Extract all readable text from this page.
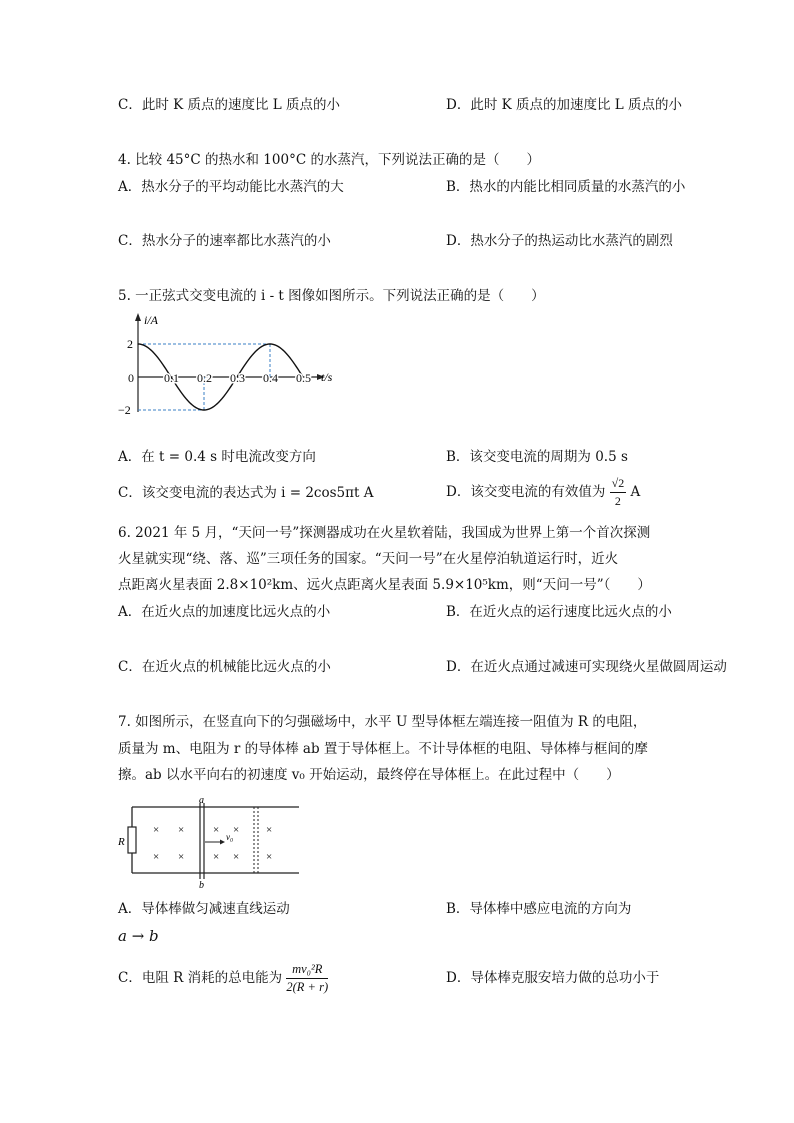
C．此时 K 质点的速度比 L 质点的小	D．此时 K 质点的加速度比 L 质点的小
4. 比较 45°C 的热水和 100°C 的水蒸汽，下列说法正确的是（　　）
A．热水分子的平均动能比水蒸汽的大	B．热水的内能比相同质量的水蒸汽的小
C．热水分子的速率都比水蒸汽的小	D．热水分子的热运动比水蒸汽的剧烈
5. 一正弦式交变电流的 i - t 图像如图所示。下列说法正确的是（　　）
i/A
t/s
0	0.1 0.2 0.3 0.4 0.5
2
−2
A．在 t = 0.4 s 时电流改变方向	B．该交变电流的周期为 0.5 s
C．该交变电流的表达式为 i = 2cos5πt A	D．该交变电流的有效值为 $\frac{√2}{2}$ A
6. 2021 年 5 月，“天问一号”探测器成功在火星软着陆，我国成为世界上第一个首次探测
火星就实现“绕、落、巡”三项任务的国家。“天问一号”在火星停泊轨道运行时，近火
点距离火星表面 2.8×10²km、远火点距离火星表面 5.9×10⁵km，则“天问一号”（　　）
A．在近火点的加速度比远火点的小	B．在近火点的运行速度比远火点的小
C．在近火点的机械能比远火点的小	D．在近火点通过减速可实现绕火星做圆周运动
7. 如图所示，在竖直向下的匀强磁场中，水平 U 型导体框左端连接一阻值为 R 的电阻，
质量为 m、电阻为 r 的导体棒 ab 置于导体框上。不计导体框的电阻、导体棒与框间的摩
擦。ab 以水平向右的初速度 v₀ 开始运动，最终停在导体框上。在此过程中（　　）
R
a
b
v₀
× ×	× × ×
× ×	× × ×
A．导体棒做匀减速直线运动	B．导体棒中感应电流的方向为
a → b
C．电阻 R 消耗的总电能为 $\frac{\text{mv₀²R}}{2(R + r)}$	D．导体棒克服安培力做的总功小于
